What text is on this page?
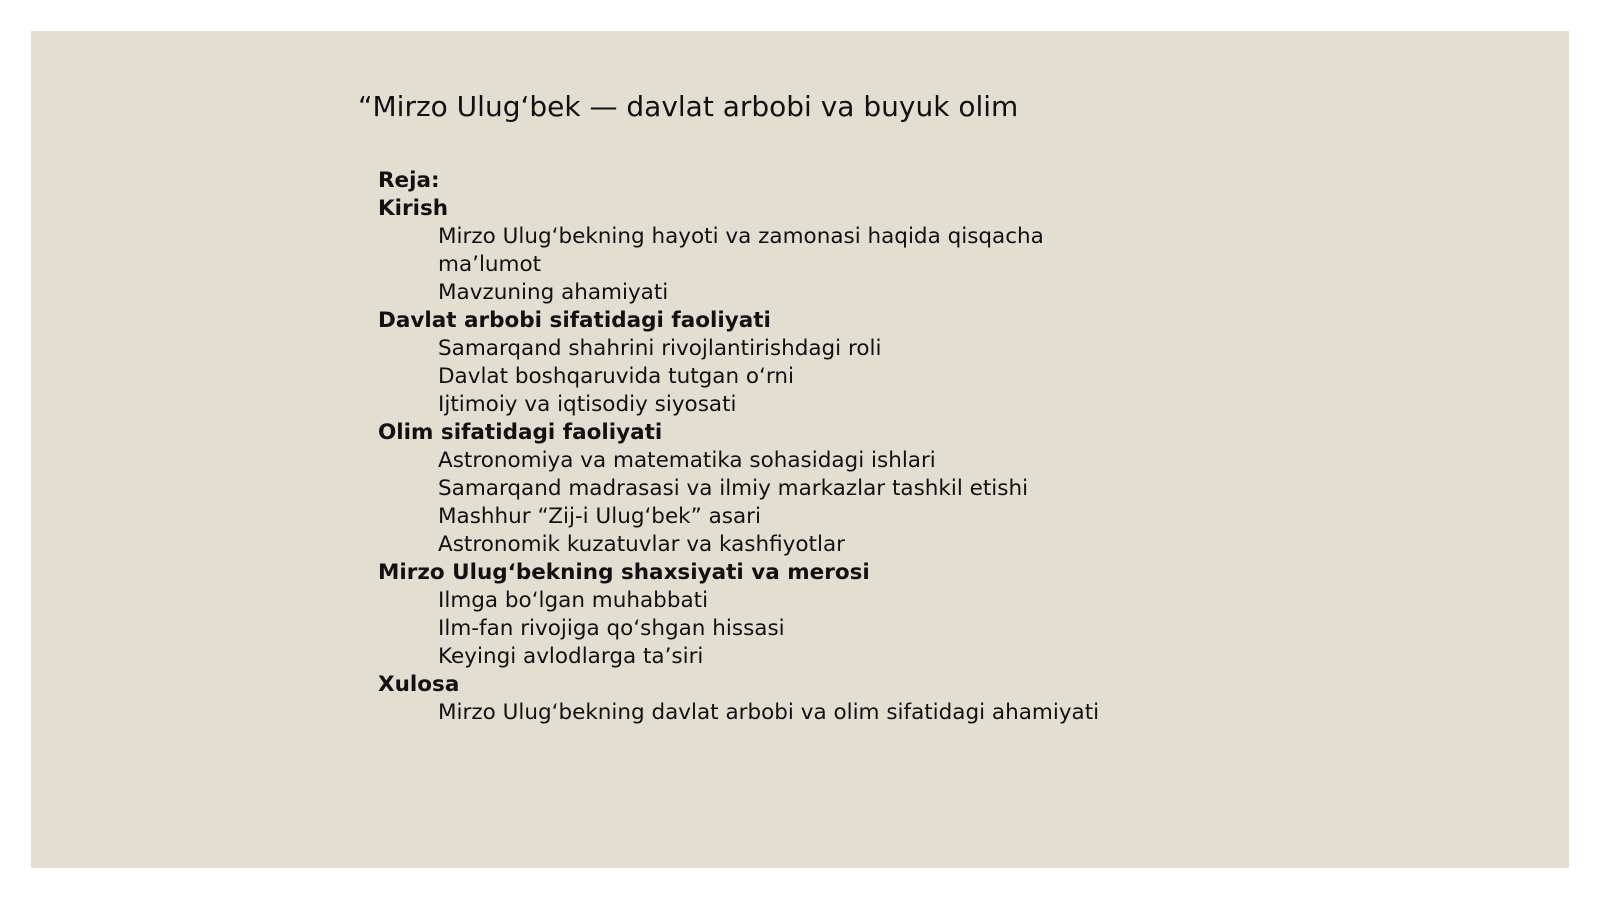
“Mirzo Ulug‘bek — davlat arbobi va buyuk olim
Reja:
Kirish
Mirzo Ulug‘bekning hayoti va zamonasi haqida qisqacha
ma’lumot
Mavzuning ahamiyati
Davlat arbobi sifatidagi faoliyati
Samarqand shahrini rivojlantirishdagi roli
Davlat boshqaruvida tutgan o‘rni
Ijtimoiy va iqtisodiy siyosati
Olim sifatidagi faoliyati
Astronomiya va matematika sohasidagi ishlari
Samarqand madrasasi va ilmiy markazlar tashkil etishi
Mashhur “Zij-i Ulug‘bek” asari
Astronomik kuzatuvlar va kashfiyotlar
Mirzo Ulug‘bekning shaxsiyati va merosi
Ilmga bo‘lgan muhabbati
Ilm-fan rivojiga qo‘shgan hissasi
Keyingi avlodlarga ta’siri
Xulosa
Mirzo Ulug‘bekning davlat arbobi va olim sifatidagi ahamiyati
